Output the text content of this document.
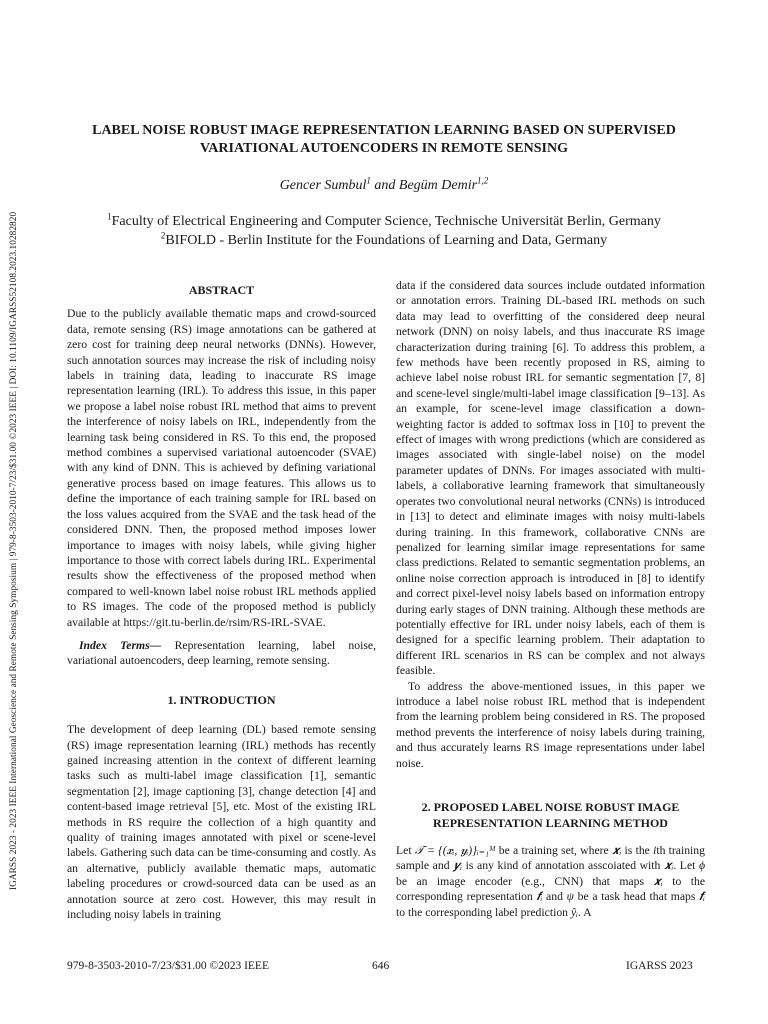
IGARSS 2023 - 2023 IEEE International Geoscience and Remote Sensing Symposium | 979-8-3503-2010-7/23/$31.00 ©2023 IEEE | DOI: 10.1109/IGARSS52108.2023.10282820
LABEL NOISE ROBUST IMAGE REPRESENTATION LEARNING BASED ON SUPERVISED
VARIATIONAL AUTOENCODERS IN REMOTE SENSING
Gencer Sumbul$^1$ and Begüm Demir$^{1,2}$
$^1$Faculty of Electrical Engineering and Computer Science, Technische Universität Berlin, Germany
$^2$BIFOLD - Berlin Institute for the Foundations of Learning and Data, Germany
ABSTRACT

Due to the publicly available thematic maps and crowd-sourced data, remote sensing (RS) image annotations can be gathered at zero cost for training deep neural networks (DNNs). However, such annotation sources may increase the risk of including noisy labels in training data, leading to inaccurate RS image representation learning (IRL). To address this issue, in this paper we propose a label noise robust IRL method that aims to prevent the interference of noisy labels on IRL, independently from the learning task being considered in RS. To this end, the proposed method combines a supervised variational autoencoder (SVAE) with any kind of DNN. This is achieved by defining variational generative process based on image features. This allows us to define the importance of each training sample for IRL based on the loss values acquired from the SVAE and the task head of the considered DNN. Then, the proposed method imposes lower importance to images with noisy labels, while giving higher importance to those with correct labels during IRL. Experimental results show the effectiveness of the proposed method when compared to well-known label noise robust IRL methods applied to RS images. The code of the proposed method is publicly available at https://git.tu-berlin.de/rsim/RS-IRL-SVAE.

Index Terms— Representation learning, label noise, variational autoencoders, deep learning, remote sensing.

1. INTRODUCTION

The development of deep learning (DL) based remote sensing (RS) image representation learning (IRL) methods has recently gained increasing attention in the context of different learning tasks such as multi-label image classification [1], semantic segmentation [2], image captioning [3], change detection [4] and content-based image retrieval [5], etc. Most of the existing IRL methods in RS require the collection of a high quantity and quality of training images annotated with pixel or scene-level labels. Gathering such data can be time-consuming and costly. As an alternative, publicly available thematic maps, automatic labeling procedures or crowd-sourced data can be used as an annotation source at zero cost. However, this may result in including noisy labels in training

data if the considered data sources include outdated information or annotation errors. Training DL-based IRL methods on such data may lead to overfitting of the considered deep neural network (DNN) on noisy labels, and thus inaccurate RS image characterization during training [6]. To address this problem, a few methods have been recently proposed in RS, aiming to achieve label noise robust IRL for semantic segmentation [7, 8] and scene-level single/multi-label image classification [9–13]. As an example, for scene-level image classification a down-weighting factor is added to softmax loss in [10] to prevent the effect of images with wrong predictions (which are considered as images associated with single-label noise) on the model parameter updates of DNNs. For images associated with multi-labels, a collaborative learning framework that simultaneously operates two convolutional neural networks (CNNs) is introduced in [13] to detect and eliminate images with noisy multi-labels during training. In this framework, collaborative CNNs are penalized for learning similar image representations for same class predictions. Related to semantic segmentation problems, an online noise correction approach is introduced in [8] to identify and correct pixel-level noisy labels based on information entropy during early stages of DNN training. Although these methods are potentially effective for IRL under noisy labels, each of them is designed for a specific learning problem. Their adaptation to different IRL scenarios in RS can be complex and not always feasible.

To address the above-mentioned issues, in this paper we introduce a label noise robust IRL method that is independent from the learning problem being considered in RS. The proposed method prevents the interference of noisy labels during training, and thus accurately learns RS image representations under label noise.

2. PROPOSED LABEL NOISE ROBUST IMAGE
REPRESENTATION LEARNING METHOD

Let 𝒯 = {(𝒙ᵢ, 𝒚ᵢ)}ᵢ₌₁ᴹ be a training set, where 𝒙ᵢ is the ith training sample and 𝒚ᵢ is any kind of annotation asscoiated with 𝒙ᵢ. Let ϕ be an image encoder (e.g., CNN) that maps 𝒙ᵢ to the corresponding representation 𝒇ᵢ and ψ be a task head that maps 𝒇ᵢ to the corresponding label prediction ŷᵢ. A

979-8-3503-2010-7/23/$31.00 ©2023 IEEE	646	IGARSS 2023
